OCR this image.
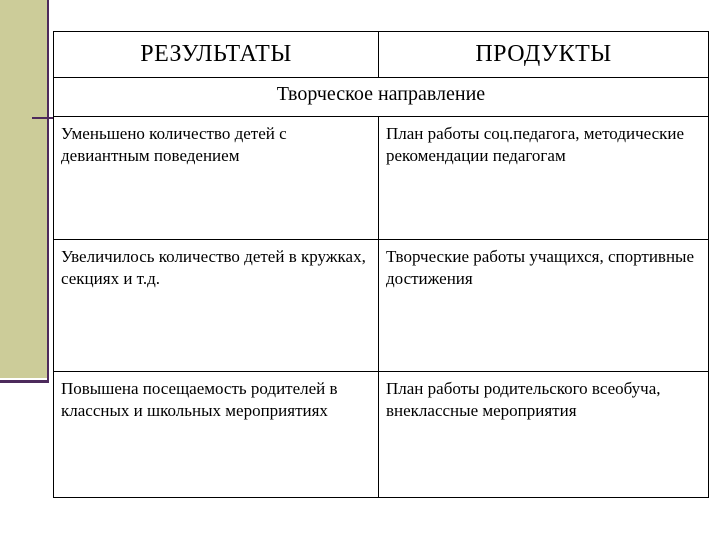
РЕЗУЛЬТАТЫ	ПРОДУКТЫ
Творческое направление	
Уменьшено количество детей с девиантным поведением	План работы соц.педагога, методические рекомендации педагогам
Увеличилось количество детей в кружках, секциях и т.д.	Творческие работы учащихся, спортивные достижения
Повышена посещаемость родителей в классных и школьных мероприятиях	План работы родительского всеобуча, внеклассные мероприятия
